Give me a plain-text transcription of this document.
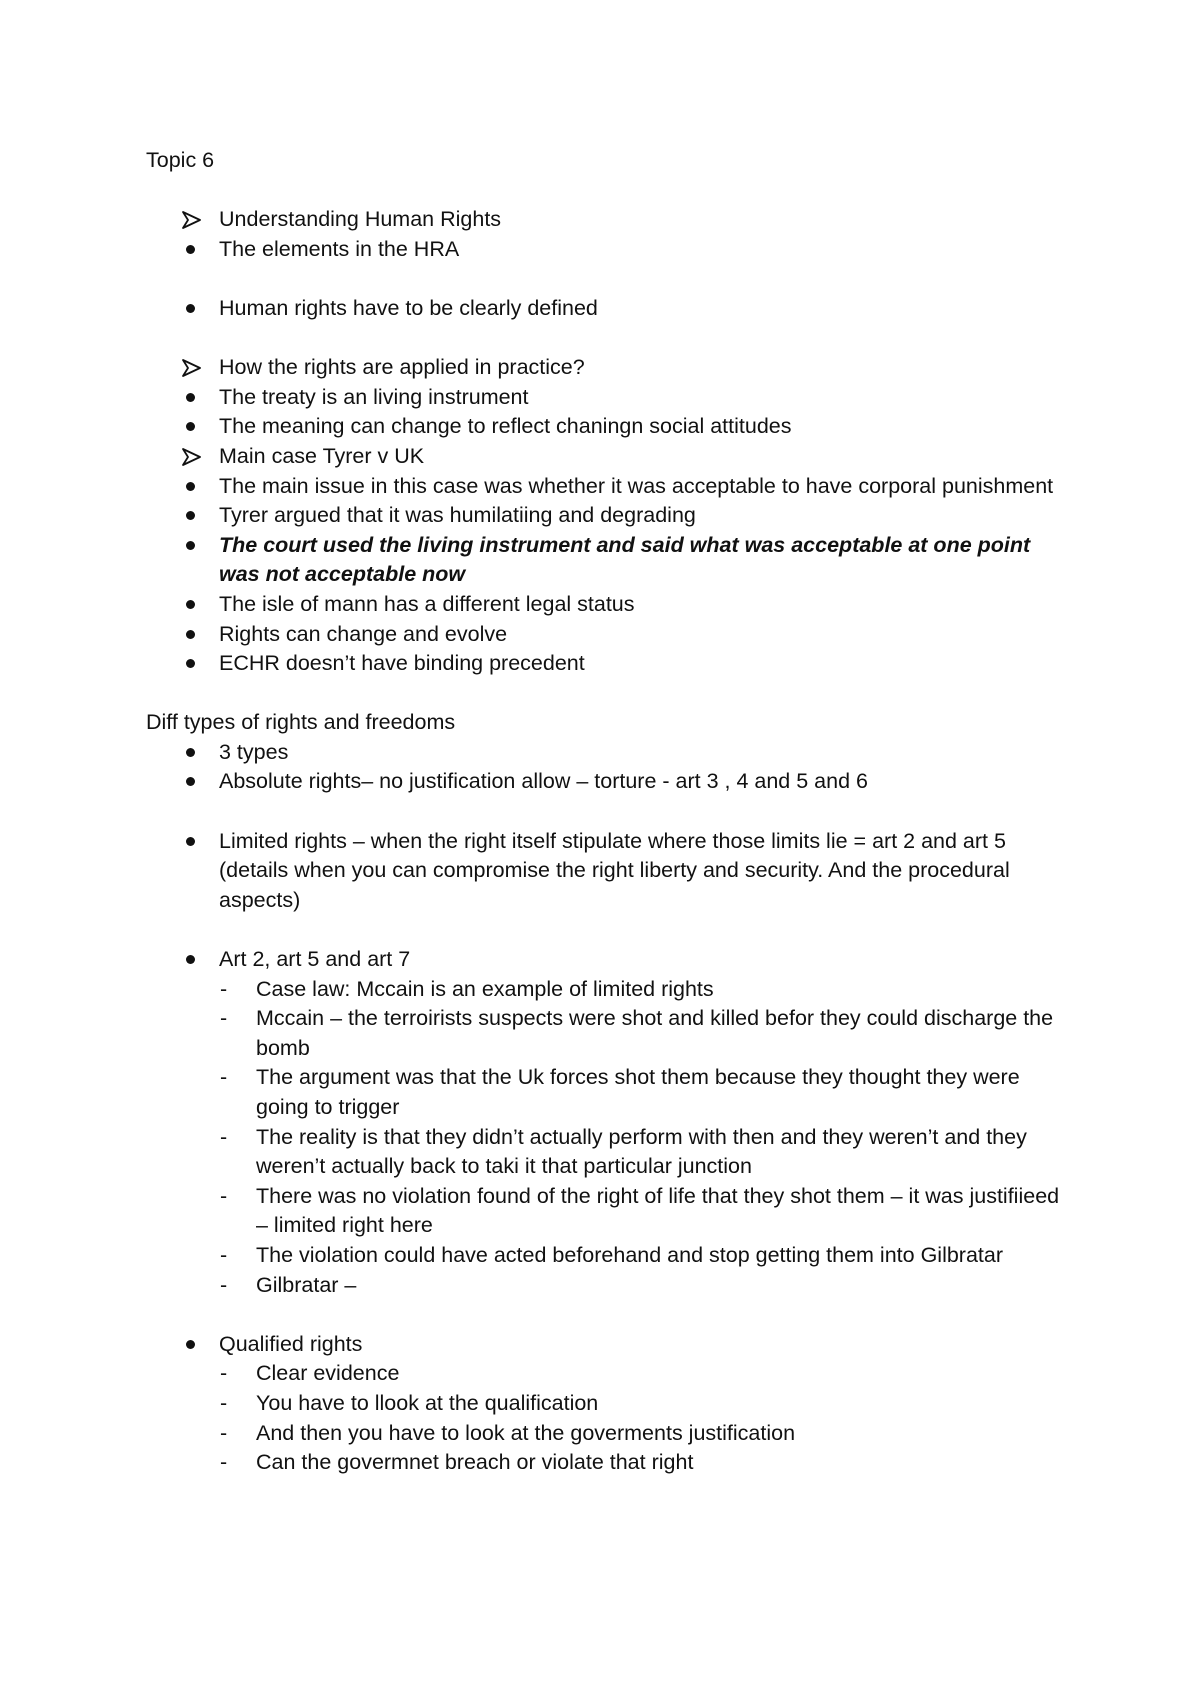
Topic 6
Understanding Human Rights
The elements in the HRA
Human rights have to be clearly defined
How the rights are applied in practice?
The treaty is an living instrument
The meaning can change to reflect chaningn social attitudes
Main case Tyrer v UK
The main issue in this case was whether it was acceptable to have corporal punishment
Tyrer argued that it was humilatiing and degrading
The court used the living instrument and said what was acceptable at one point was not acceptable now
The isle of mann has a different legal status
Rights can change and evolve
ECHR doesn’t have binding precedent
Diff types of rights and freedoms
3 types
Absolute rights– no justification allow – torture - art 3 , 4 and 5 and 6
Limited rights – when the right itself stipulate where those limits lie = art 2 and art 5 (details when you can compromise the right liberty and security. And the procedural aspects)
Art 2, art 5 and art 7
- Case law: Mccain is an example of limited rights
- Mccain – the terroirists suspects were shot and killed befor they could discharge the bomb
- The argument was that the Uk forces shot them because they thought they were going to trigger
- The reality is that they didn’t actually perform with then and they weren’t and they weren’t actually back to taki it that particular junction
- There was no violation found of the right of life that they shot them – it was justifiieed – limited right here
- The violation could have acted beforehand and stop getting them into Gilbratar
- Gilbratar –
Qualified rights
- Clear evidence
- You have to llook at the qualification
- And then you have to look at the goverments justification
- Can the govermnet breach or violate that right
